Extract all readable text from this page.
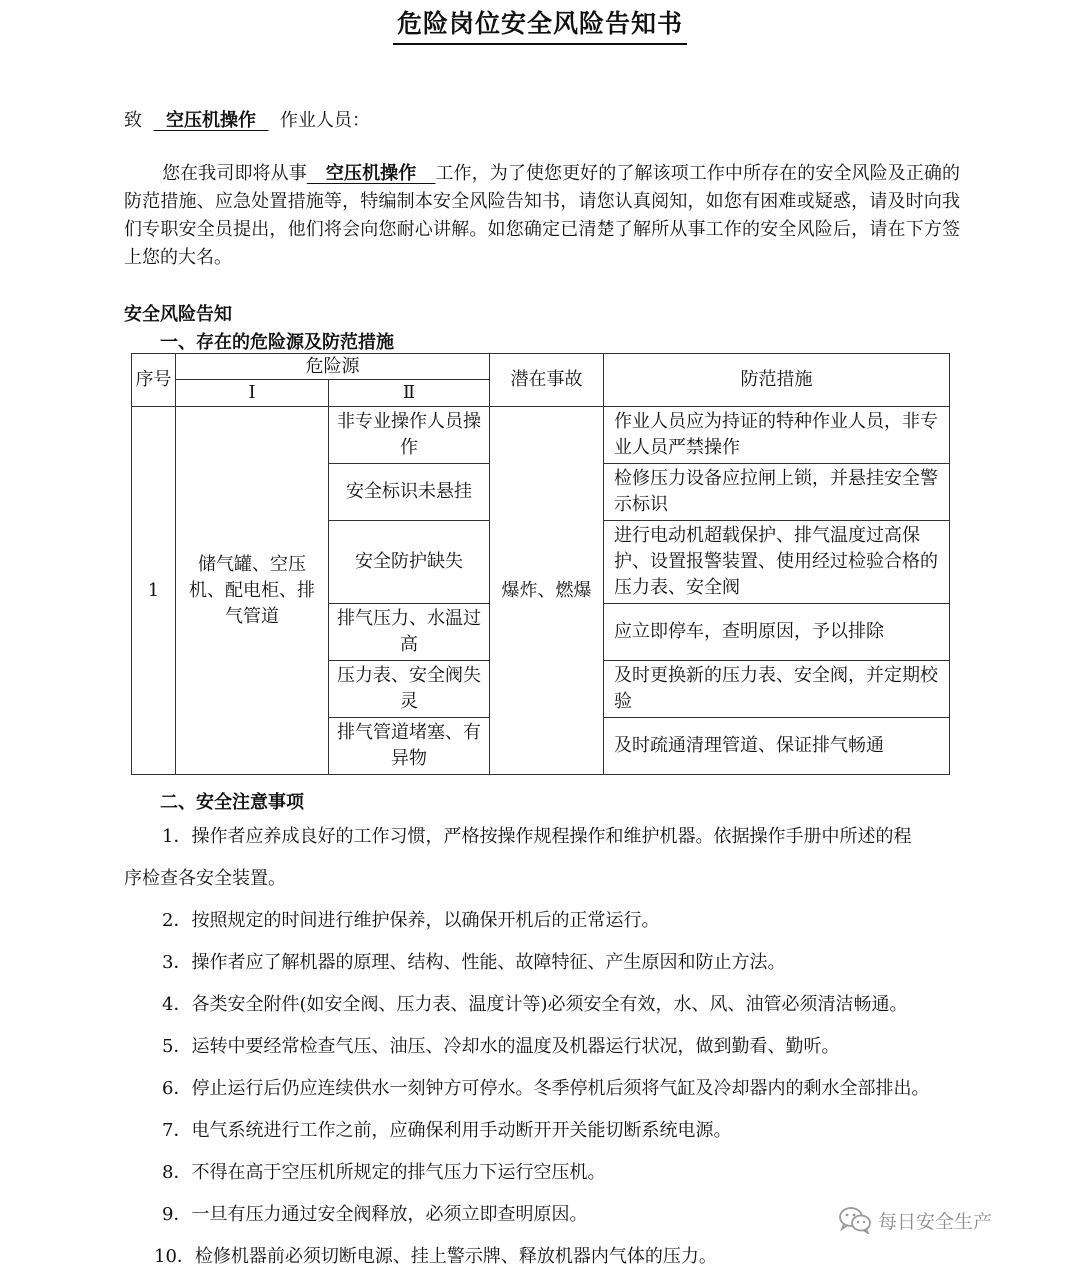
危险岗位安全风险告知书
致 空压机操作 作业人员：
您在我司即将从事 空压机操作 工作，为了使您更好的了解该项工作中所存在的安全风险及正确的防范措施、应急处置措施等，特编制本安全风险告知书，请您认真阅知，如您有困难或疑惑，请及时向我们专职安全员提出，他们将会向您耐心讲解。如您确定已清楚了解所从事工作的安全风险后，请在下方签上您的大名。
安全风险告知
一、存在的危险源及防范措施
序号	危险源		潜在事故	防范措施
	Ⅰ	Ⅱ		
1	储气罐、空压机、配电柜、排气管道	非专业操作人员操作	爆炸、燃爆	作业人员应为持证的特种作业人员，非专业人员严禁操作
		安全标识未悬挂		检修压力设备应拉闸上锁，并悬挂安全警示标识
		安全防护缺失		进行电动机超载保护、排气温度过高保护、设置报警装置、使用经过检验合格的压力表、安全阀
		排气压力、水温过高		应立即停车，查明原因，予以排除
		压力表、安全阀失灵		及时更换新的压力表、安全阀，并定期校验
		排气管道堵塞、有异物		及时疏通清理管道、保证排气畅通
二、安全注意事项
1．操作者应养成良好的工作习惯，严格按操作规程操作和维护机器。依据操作手册中所述的程
序检查各安全装置。
2．按照规定的时间进行维护保养，以确保开机后的正常运行。
3．操作者应了解机器的原理、结构、性能、故障特征、产生原因和防止方法。
4．各类安全附件(如安全阀、压力表、温度计等)必须安全有效，水、风、油管必须清洁畅通。
5．运转中要经常检查气压、油压、冷却水的温度及机器运行状况，做到勤看、勤听。
6．停止运行后仍应连续供水一刻钟方可停水。冬季停机后须将气缸及冷却器内的剩水全部排出。
7．电气系统进行工作之前，应确保利用手动断开开关能切断系统电源。
8．不得在高于空压机所规定的排气压力下运行空压机。
9．一旦有压力通过安全阀释放，必须立即查明原因。
10．检修机器前必须切断电源、挂上警示牌、释放机器内气体的压力。
每日安全生产
